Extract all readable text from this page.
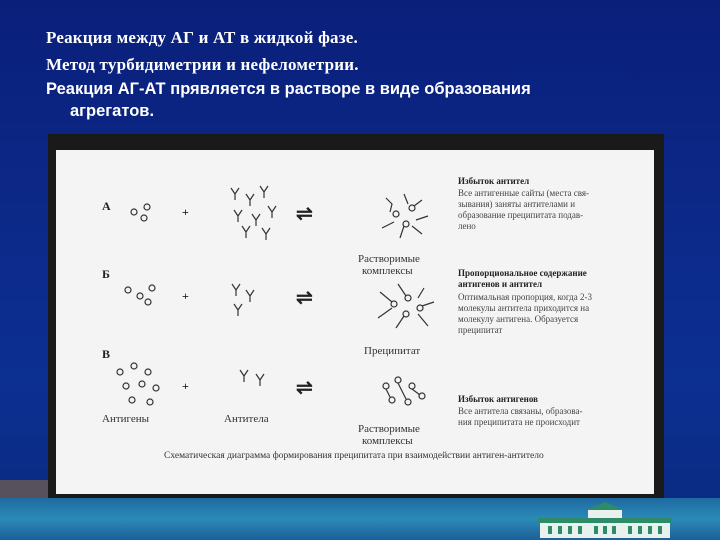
Реакция между АГ и АТ в жидкой фазе.
Метод турбидиметрии и нефелометрии.
Реакция АГ-АТ прявляется в растворе в виде образования
агрегатов.
А
Б
В
+	⇌
Растворимые
комплексы
Избыток антител
Все антигенные сайты (места свя-
зывания) заняты антителами и
образование преципитата подав-
лено
+	⇌
Преципитат
Пропорциональное содержание
антигенов и антител
Оптимальная пропорция, когда 2-3
молекулы антитела приходится на
молекулу антигена. Образуется
преципитат
+	⇌
Растворимые
комплексы
Избыток антигенов
Все антитела связаны, образова-
ния преципитата не происходит
Антигены	Антитела
Схематическая диаграмма формирования преципитата при взаимодействии антиген-антитело
